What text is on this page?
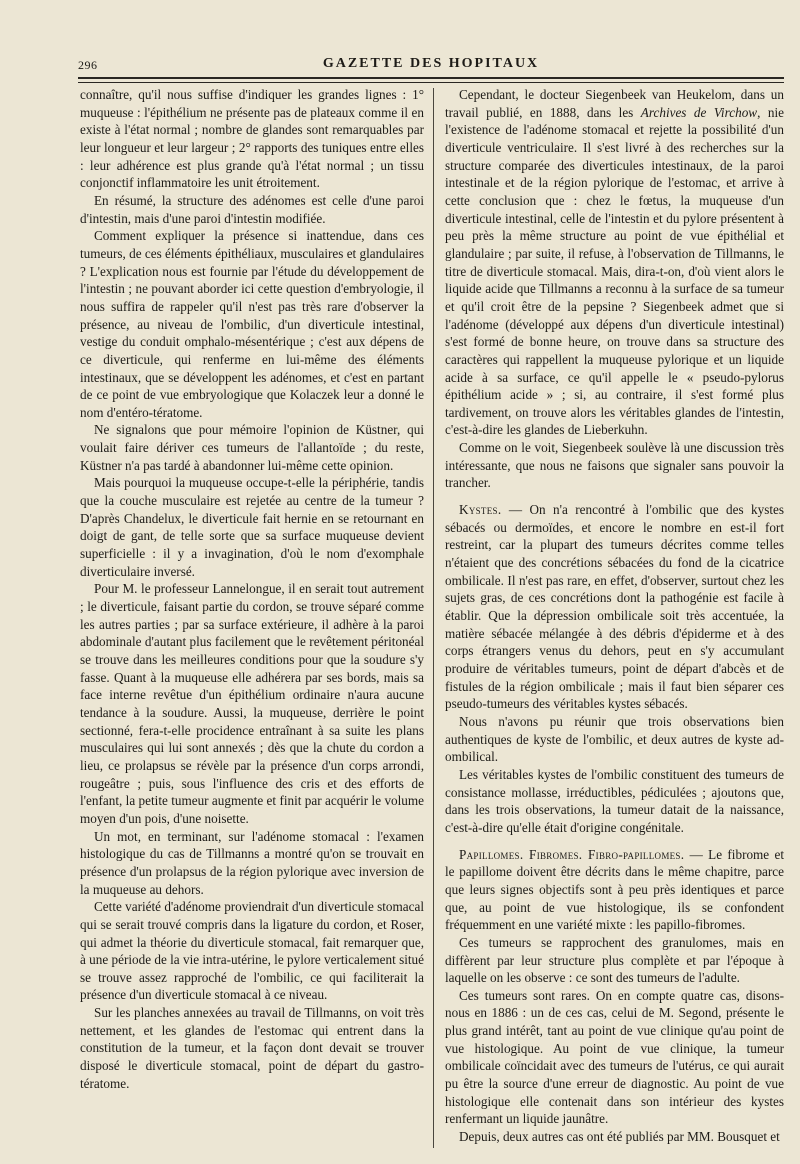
296	GAZETTE DES HOPITAUX

connaître, qu'il nous suffise d'indiquer les grandes lignes : 1° muqueuse : l'épithélium ne présente pas de plateaux comme il en existe à l'état normal ; nombre de glandes sont remarquables par leur longueur et leur largeur ; 2° rapports des tuniques entre elles : leur adhérence est plus grande qu'à l'état normal ; un tissu conjonctif inflammatoire les unit étroitement.

En résumé, la structure des adénomes est celle d'une paroi d'intestin, mais d'une paroi d'intestin modifiée.

Comment expliquer la présence si inattendue, dans ces tumeurs, de ces éléments épithéliaux, musculaires et glandulaires ? L'explication nous est fournie par l'étude du développement de l'intestin ; ne pouvant aborder ici cette question d'embryologie, il nous suffira de rappeler qu'il n'est pas très rare d'observer la présence, au niveau de l'ombilic, d'un diverticule intestinal, vestige du conduit omphalo-mésentérique ; c'est aux dépens de ce diverticule, qui renferme en lui-même des éléments intestinaux, que se développent les adénomes, et c'est en partant de ce point de vue embryologique que Kolaczek leur a donné le nom d'entéro-tératome.

Ne signalons que pour mémoire l'opinion de Küstner, qui voulait faire dériver ces tumeurs de l'allantoïde ; du reste, Küstner n'a pas tardé à abandonner lui-même cette opinion.

Mais pourquoi la muqueuse occupe-t-elle la périphérie, tandis que la couche musculaire est rejetée au centre de la tumeur ? D'après Chandelux, le diverticule fait hernie en se retournant en doigt de gant, de telle sorte que sa surface muqueuse devient superficielle : il y a invagination, d'où le nom d'exomphale diverticulaire inversé.

Pour M. le professeur Lannelongue, il en serait tout autrement ; le diverticule, faisant partie du cordon, se trouve séparé comme les autres parties ; par sa surface extérieure, il adhère à la paroi abdominale d'autant plus facilement que le revêtement péritonéal se trouve dans les meilleures conditions pour que la soudure s'y fasse. Quant à la muqueuse elle adhérera par ses bords, mais sa face interne revêtue d'un épithélium ordinaire n'aura aucune tendance à la soudure. Aussi, la muqueuse, derrière le point sectionné, fera-t-elle procidence entraînant à sa suite les plans musculaires qui lui sont annexés ; dès que la chute du cordon a lieu, ce prolapsus se révèle par la présence d'un corps arrondi, rougeâtre ; puis, sous l'influence des cris et des efforts de l'enfant, la petite tumeur augmente et finit par acquérir le volume moyen d'un pois, d'une noisette.

Un mot, en terminant, sur l'adénome stomacal : l'examen histologique du cas de Tillmanns a montré qu'on se trouvait en présence d'un prolapsus de la région pylorique avec inversion de la muqueuse au dehors.

Cette variété d'adénome proviendrait d'un diverticule stomacal qui se serait trouvé compris dans la ligature du cordon, et Roser, qui admet la théorie du diverticule stomacal, fait remarquer que, à une période de la vie intra-utérine, le pylore verticalement situé se trouve assez rapproché de l'ombilic, ce qui faciliterait la présence d'un diverticule stomacal à ce niveau.

Sur les planches annexées au travail de Tillmanns, on voit très nettement, et les glandes de l'estomac qui entrent dans la constitution de la tumeur, et la façon dont devait se trouver disposé le diverticule stomacal, point de départ du gastro-tératome.

Cependant, le docteur Siegenbeek van Heukelom, dans un travail publié, en 1888, dans les Archives de Virchow, nie l'existence de l'adénome stomacal et rejette la possibilité d'un diverticule ventriculaire. Il s'est livré à des recherches sur la structure comparée des diverticules intestinaux, de la paroi intestinale et de la région pylorique de l'estomac, et arrive à cette conclusion que : chez le fœtus, la muqueuse d'un diverticule intestinal, celle de l'intestin et du pylore présentent à peu près la même structure au point de vue épithélial et glandulaire ; par suite, il refuse, à l'observation de Tillmanns, le titre de diverticule stomacal. Mais, dira-t-on, d'où vient alors le liquide acide que Tillmanns a reconnu à la surface de sa tumeur et qu'il croit être de la pepsine ? Siegenbeek admet que si l'adénome (développé aux dépens d'un diverticule intestinal) s'est formé de bonne heure, on trouve dans sa structure des caractères qui rappellent la muqueuse pylorique et un liquide acide à sa surface, ce qu'il appelle le « pseudo-pylorus épithélium acide » ; si, au contraire, il s'est formé plus tardivement, on trouve alors les véritables glandes de l'intestin, c'est-à-dire les glandes de Lieberkuhn.

Comme on le voit, Siegenbeek soulève là une discussion très intéressante, que nous ne faisons que signaler sans pouvoir la trancher.

Kystes. — On n'a rencontré à l'ombilic que des kystes sébacés ou dermoïdes, et encore le nombre en est-il fort restreint, car la plupart des tumeurs décrites comme telles n'étaient que des concrétions sébacées du fond de la cicatrice ombilicale. Il n'est pas rare, en effet, d'observer, surtout chez les sujets gras, de ces concrétions dont la pathogénie est facile à établir. Que la dépression ombilicale soit très accentuée, la matière sébacée mélangée à des débris d'épiderme et à des corps étrangers venus du dehors, peut en s'y accumulant produire de véritables tumeurs, point de départ d'abcès et de fistules de la région ombilicale ; mais il faut bien séparer ces pseudo-tumeurs des véritables kystes sébacés.

Nous n'avons pu réunir que trois observations bien authentiques de kyste de l'ombilic, et deux autres de kyste ad-ombilical.

Les véritables kystes de l'ombilic constituent des tumeurs de consistance mollasse, irréductibles, pédiculées ; ajoutons que, dans les trois observations, la tumeur datait de la naissance, c'est-à-dire qu'elle était d'origine congénitale.

Papillomes. Fibromes. Fibro-papillomes. — Le fibrome et le papillome doivent être décrits dans le même chapitre, parce que leurs signes objectifs sont à peu près identiques et parce que, au point de vue histologique, ils se confondent fréquemment en une variété mixte : les papillo-fibromes.

Ces tumeurs se rapprochent des granulomes, mais en diffèrent par leur structure plus complète et par l'époque à laquelle on les observe : ce sont des tumeurs de l'adulte.

Ces tumeurs sont rares. On en compte quatre cas, disons-nous en 1886 : un de ces cas, celui de M. Segond, présente le plus grand intérêt, tant au point de vue clinique qu'au point de vue histologique. Au point de vue clinique, la tumeur ombilicale coïncidait avec des tumeurs de l'utérus, ce qui aurait pu être la source d'une erreur de diagnostic. Au point de vue histologique elle contenait dans son intérieur des kystes renfermant un liquide jaunâtre.

Depuis, deux autres cas ont été publiés par MM. Bousquet et
